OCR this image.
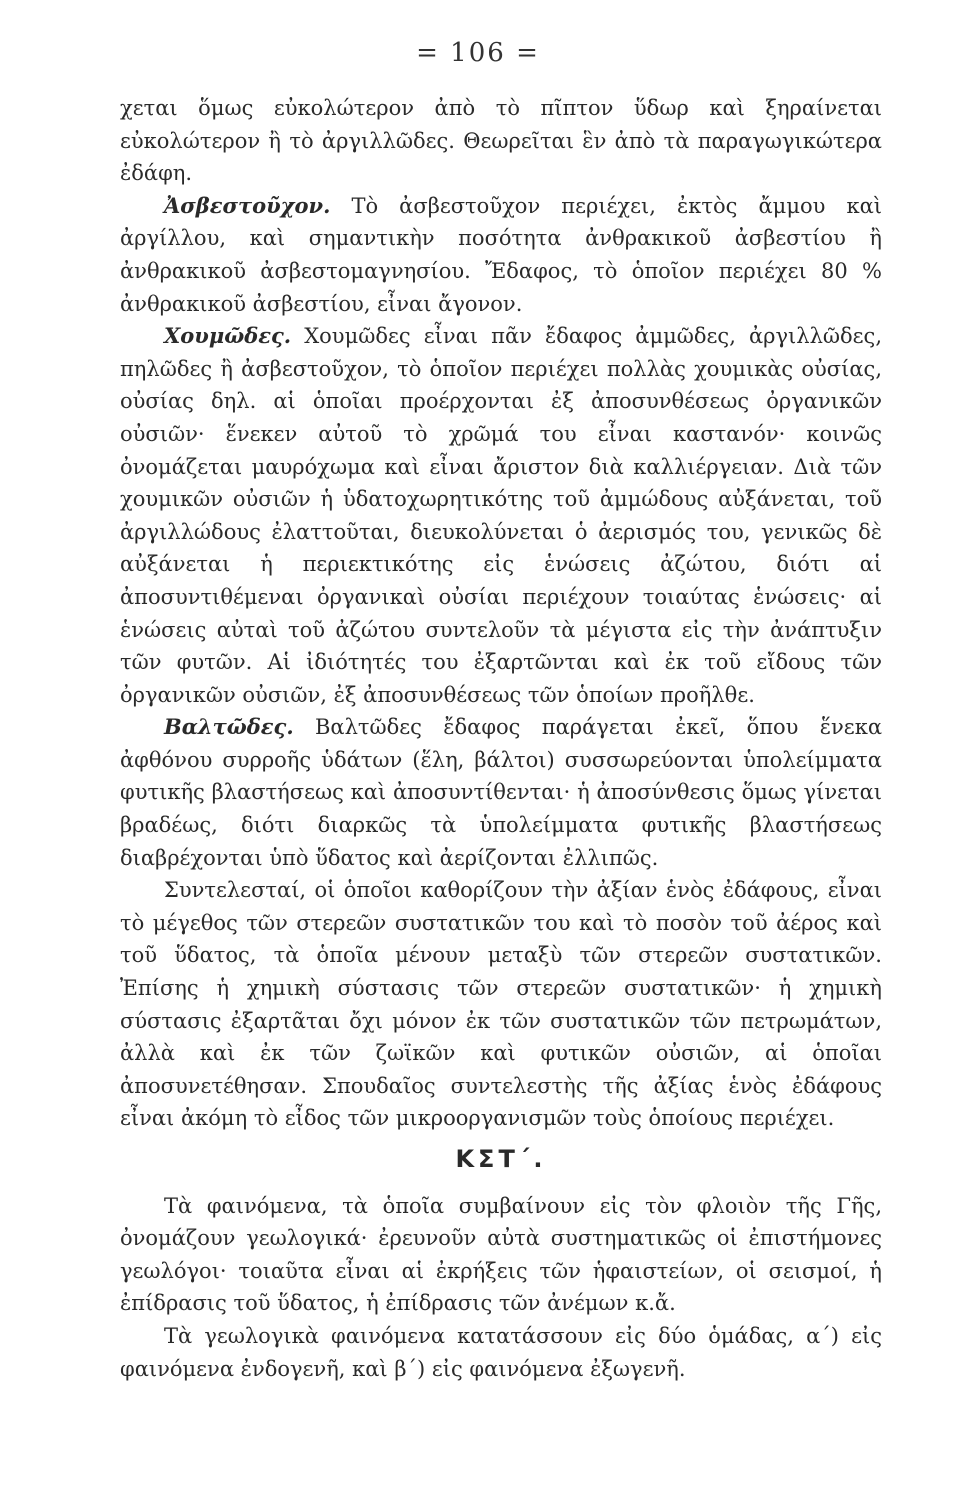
= 106 =

χεται ὅμως εὐκολώτερον ἀπὸ τὸ πῖπτον ὕδωρ καὶ ξηραίνεται εὐκολώτερον ἢ τὸ ἀργιλλῶδες. Θεωρεῖται ἓν ἀπὸ τὰ παραγωγικώτερα ἐδάφη.

Ἀσβεστοῦχον. Τὸ ἀσβεστοῦχον περιέχει, ἐκτὸς ἄμμου καὶ ἀργίλλου, καὶ σημαντικὴν ποσότητα ἀνθρακικοῦ ἀσβεστίου ἢ ἀνθρακικοῦ ἀσβεστομαγνησίου. Ἔδαφος, τὸ ὁποῖον περιέχει 80 % ἀνθρακικοῦ ἀσβεστίου, εἶναι ἄγονον.

Χουμῶδες. Χουμῶδες εἶναι πᾶν ἔδαφος ἀμμῶδες, ἀργιλλῶδες, πηλῶδες ἢ ἀσβεστοῦχον, τὸ ὁποῖον περιέχει πολλὰς χουμικὰς οὐσίας, οὐσίας δηλ. αἱ ὁποῖαι προέρχονται ἐξ ἀποσυνθέσεως ὀργανικῶν οὐσιῶν· ἕνεκεν αὐτοῦ τὸ χρῶμά του εἶναι καστανόν· κοινῶς ὀνομάζεται μαυρόχωμα καὶ εἶναι ἄριστον διὰ καλλιέργειαν. Διὰ τῶν χουμικῶν οὐσιῶν ἡ ὑδατοχωρητικότης τοῦ ἀμμώδους αὐξάνεται, τοῦ ἀργιλλώδους ἐλαττοῦται, διευκολύνεται ὁ ἀερισμός του, γενικῶς δὲ αὐξάνεται ἡ περιεκτικότης εἰς ἑνώσεις ἀζώτου, διότι αἱ ἀποσυντιθέμεναι ὀργανικαὶ οὐσίαι περιέχουν τοιαύτας ἑνώσεις· αἱ ἑνώσεις αὐταὶ τοῦ ἀζώτου συντελοῦν τὰ μέγιστα εἰς τὴν ἀνάπτυξιν τῶν φυτῶν. Αἱ ἰδιότητές του ἐξαρτῶνται καὶ ἐκ τοῦ εἴδους τῶν ὀργανικῶν οὐσιῶν, ἐξ ἀποσυνθέσεως τῶν ὁποίων προῆλθε.

Βαλτῶδες. Βαλτῶδες ἔδαφος παράγεται ἐκεῖ, ὅπου ἕνεκα ἀφθόνου συρροῆς ὑδάτων (ἕλη, βάλτοι) συσσωρεύονται ὑπολείμματα φυτικῆς βλαστήσεως καὶ ἀποσυντίθενται· ἡ ἀποσύνθεσις ὅμως γίνεται βραδέως, διότι διαρκῶς τὰ ὑπολείμματα φυτικῆς βλαστήσεως διαβρέχονται ὑπὸ ὕδατος καὶ ἀερίζονται ἐλλιπῶς.

Συντελεσταί, οἱ ὁποῖοι καθορίζουν τὴν ἀξίαν ἑνὸς ἐδάφους, εἶναι τὸ μέγεθος τῶν στερεῶν συστατικῶν του καὶ τὸ ποσὸν τοῦ ἀέρος καὶ τοῦ ὕδατος, τὰ ὁποῖα μένουν μεταξὺ τῶν στερεῶν συστατικῶν. Ἐπίσης ἡ χημικὴ σύστασις τῶν στερεῶν συστατικῶν· ἡ χημικὴ σύστασις ἐξαρτᾶται ὄχι μόνον ἐκ τῶν συστατικῶν τῶν πετρωμάτων, ἀλλὰ καὶ ἐκ τῶν ζωϊκῶν καὶ φυτικῶν οὐσιῶν, αἱ ὁποῖαι ἀποσυνετέθησαν. Σπουδαῖος συντελεστὴς τῆς ἀξίας ἑνὸς ἐδάφους εἶναι ἀκόμη τὸ εἶδος τῶν μικροοργανισμῶν τοὺς ὁποίους περιέχει.

ΚΣΤ΄.

Τὰ φαινόμενα, τὰ ὁποῖα συμβαίνουν εἰς τὸν φλοιὸν τῆς Γῆς, ὀνομάζουν γεωλογικά· ἐρευνοῦν αὐτὰ συστηματικῶς οἱ ἐπιστήμονες γεωλόγοι· τοιαῦτα εἶναι αἱ ἐκρήξεις τῶν ἡφαιστείων, οἱ σεισμοί, ἡ ἐπίδρασις τοῦ ὕδατος, ἡ ἐπίδρασις τῶν ἀνέμων κ.ἄ.

Τὰ γεωλογικὰ φαινόμενα κατατάσσουν εἰς δύο ὁμάδας, α΄) εἰς φαινόμενα ἐνδογενῆ, καὶ β΄) εἰς φαινόμενα ἐξωγενῆ.
